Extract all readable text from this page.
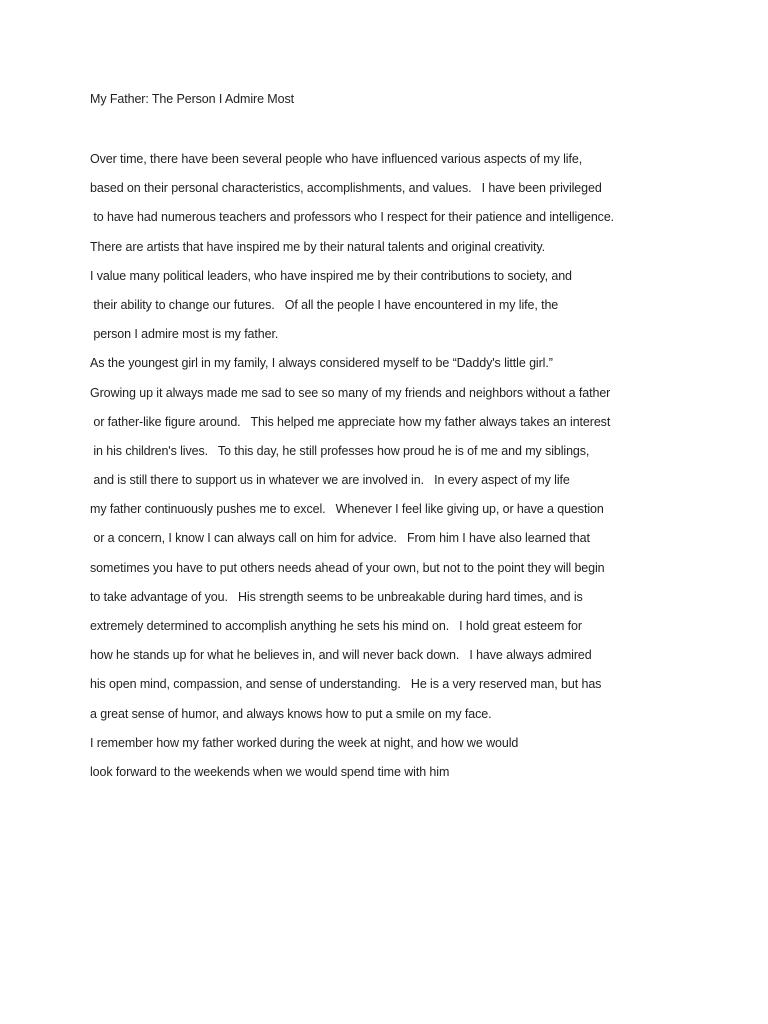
My Father: The Person I Admire Most
Over time, there have been several people who have influenced various aspects of my life,
based on their personal characteristics, accomplishments, and values.   I have been privileged
to have had numerous teachers and professors who I respect for their patience and intelligence.
There are artists that have inspired me by their natural talents and original creativity.
I value many political leaders, who have inspired me by their contributions to society, and
their ability to change our futures.   Of all the people I have encountered in my life, the
person I admire most is my father.
As the youngest girl in my family, I always considered myself to be “Daddy's little girl.”
Growing up it always made me sad to see so many of my friends and neighbors without a father
or father-like figure around.   This helped me appreciate how my father always takes an interest
in his children's lives.   To this day, he still professes how proud he is of me and my siblings,
and is still there to support us in whatever we are involved in.   In every aspect of my life
my father continuously pushes me to excel.   Whenever I feel like giving up, or have a question
or a concern, I know I can always call on him for advice.   From him I have also learned that
sometimes you have to put others needs ahead of your own, but not to the point they will begin
to take advantage of you.   His strength seems to be unbreakable during hard times, and is
extremely determined to accomplish anything he sets his mind on.   I hold great esteem for
how he stands up for what he believes in, and will never back down.   I have always admired
his open mind, compassion, and sense of understanding.   He is a very reserved man, but has
a great sense of humor, and always knows how to put a smile on my face.
I remember how my father worked during the week at night, and how we would
look forward to the weekends when we would spend time with him
